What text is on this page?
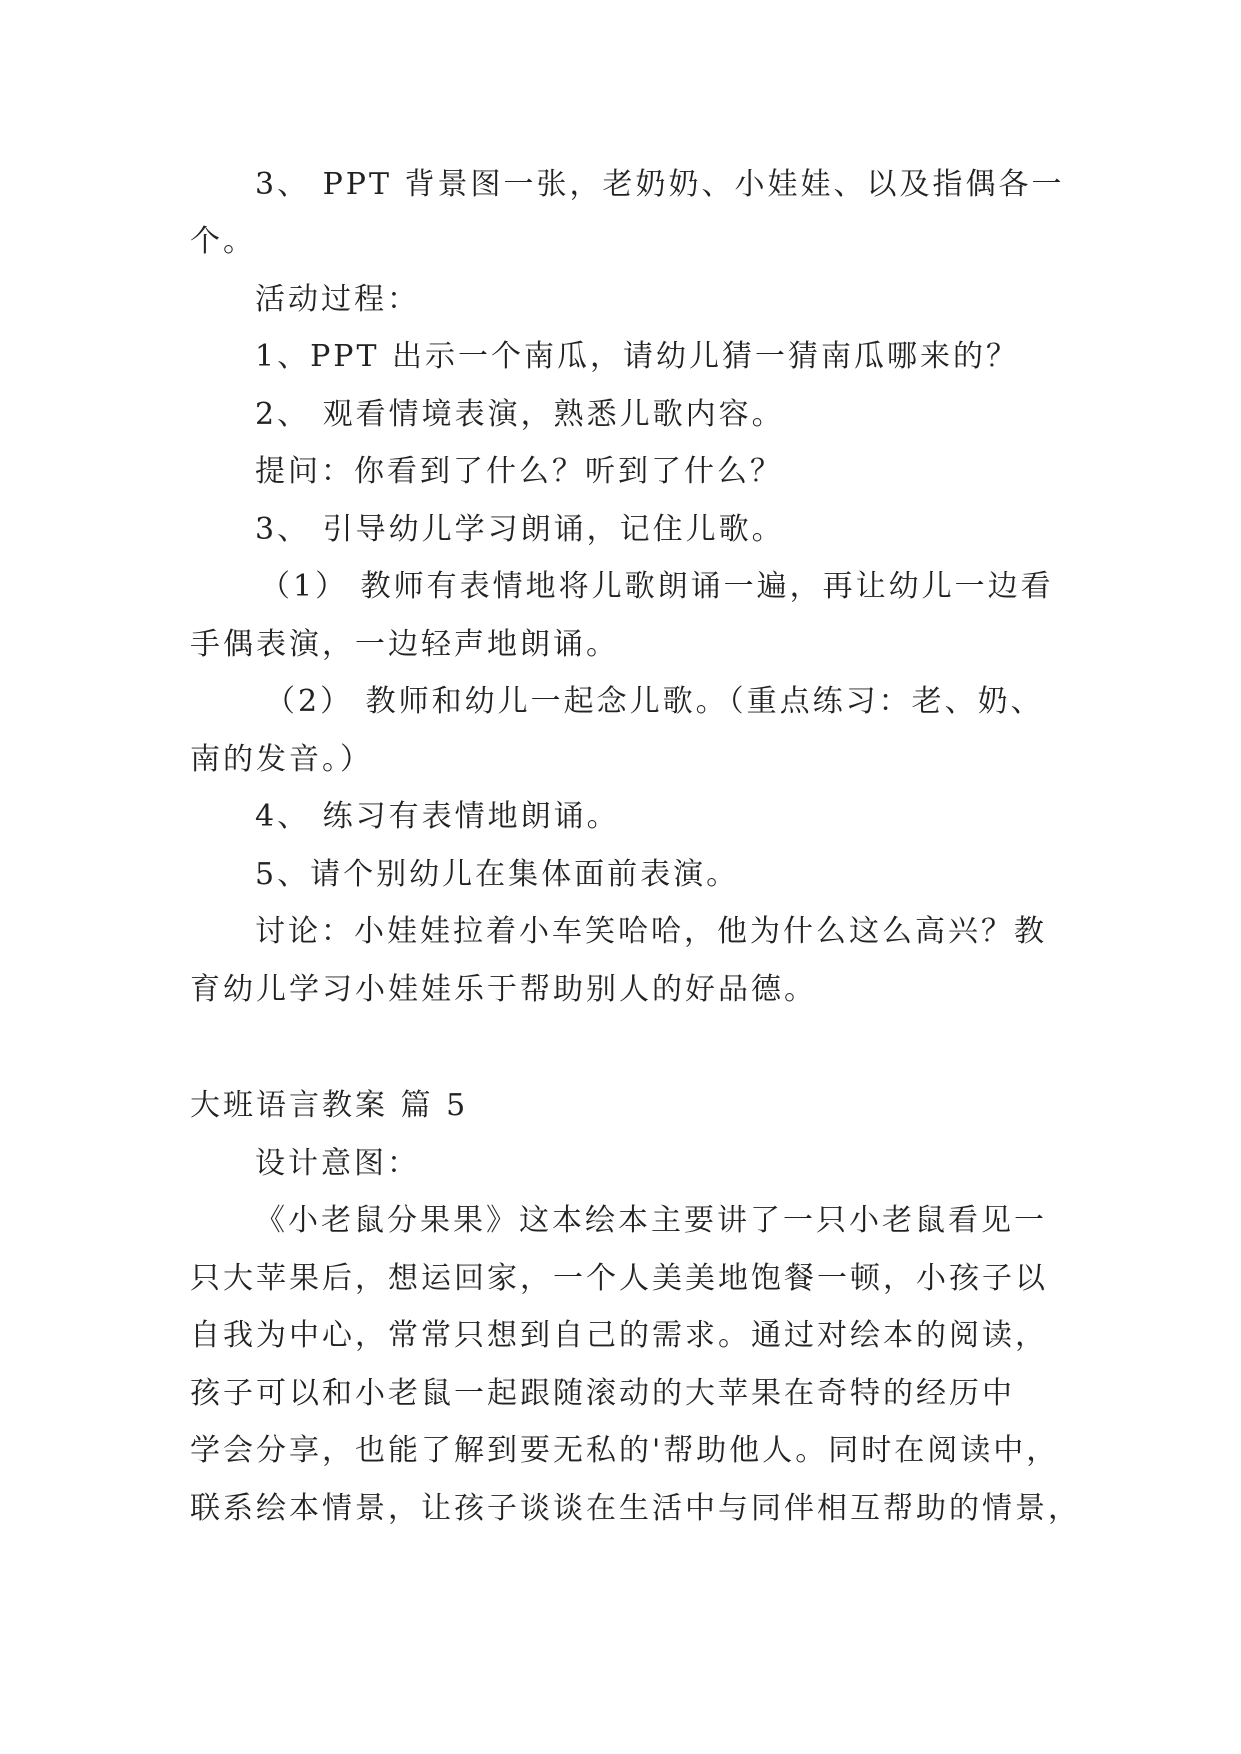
3、 PPT 背景图一张，老奶奶、小娃娃、以及指偶各一
个。
活动过程：
1、PPT 出示一个南瓜，请幼儿猜一猜南瓜哪来的？
2、 观看情境表演，熟悉儿歌内容。
提问：你看到了什么？听到了什么？
3、 引导幼儿学习朗诵，记住儿歌。
（1） 教师有表情地将儿歌朗诵一遍，再让幼儿一边看
手偶表演，一边轻声地朗诵。
（2） 教师和幼儿一起念儿歌。（重点练习：老、奶、
南的发音。）
4、 练习有表情地朗诵。
5、请个别幼儿在集体面前表演。
讨论：小娃娃拉着小车笑哈哈，他为什么这么高兴？教
育幼儿学习小娃娃乐于帮助别人的好品德。
大班语言教案 篇 5
设计意图：
《小老鼠分果果》这本绘本主要讲了一只小老鼠看见一
只大苹果后，想运回家，一个人美美地饱餐一顿，小孩子以
自我为中心，常常只想到自己的需求。通过对绘本的阅读，
孩子可以和小老鼠一起跟随滚动的大苹果在奇特的经历中
学会分享，也能了解到要无私的'帮助他人。同时在阅读中，
联系绘本情景，让孩子谈谈在生活中与同伴相互帮助的情景，
